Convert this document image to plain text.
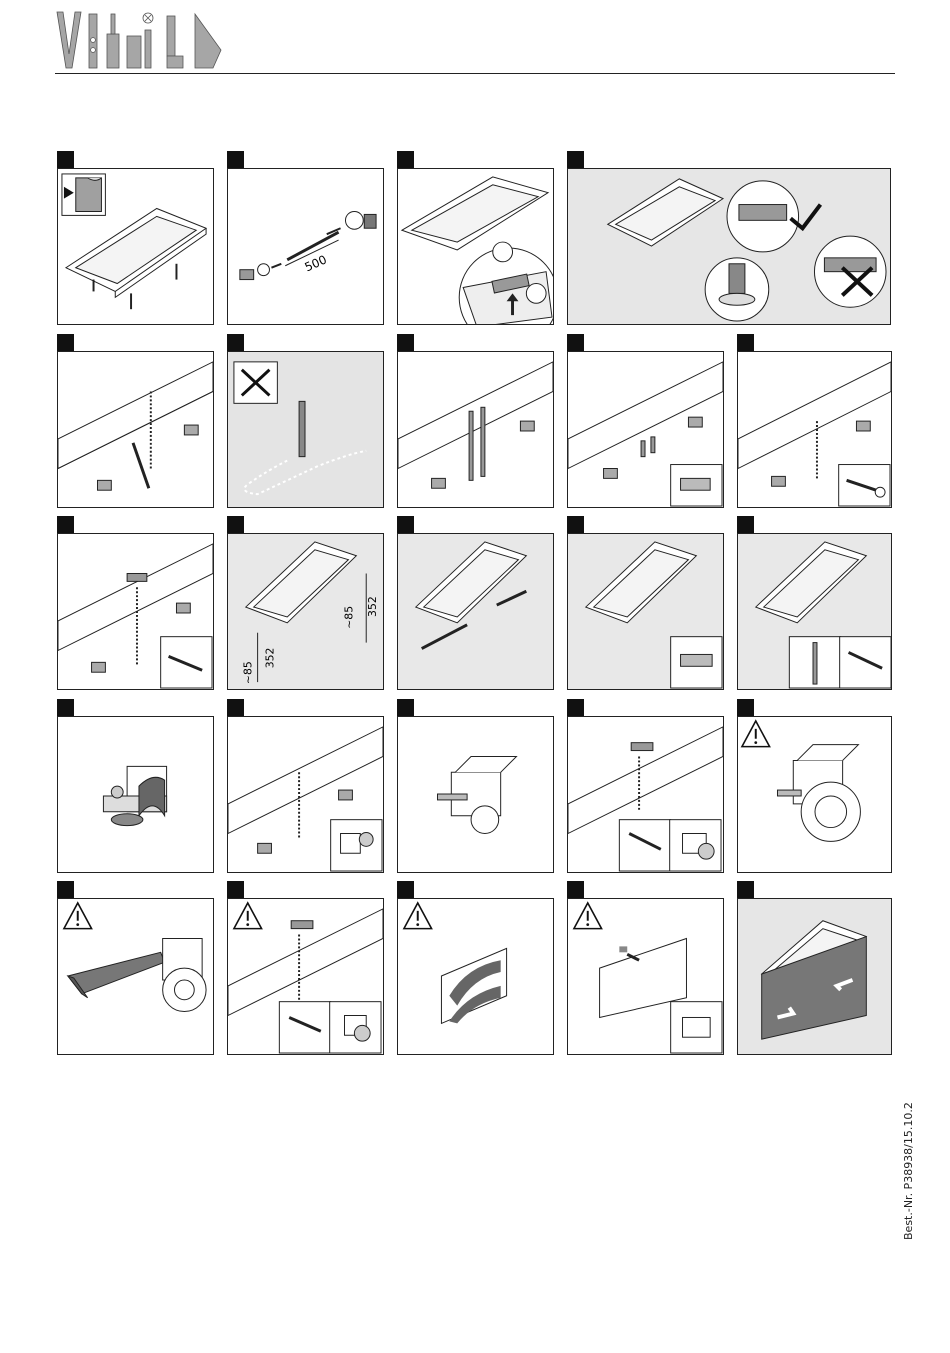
500
~85
352
~85 352
Best.-Nr. P38938/15.10.2
